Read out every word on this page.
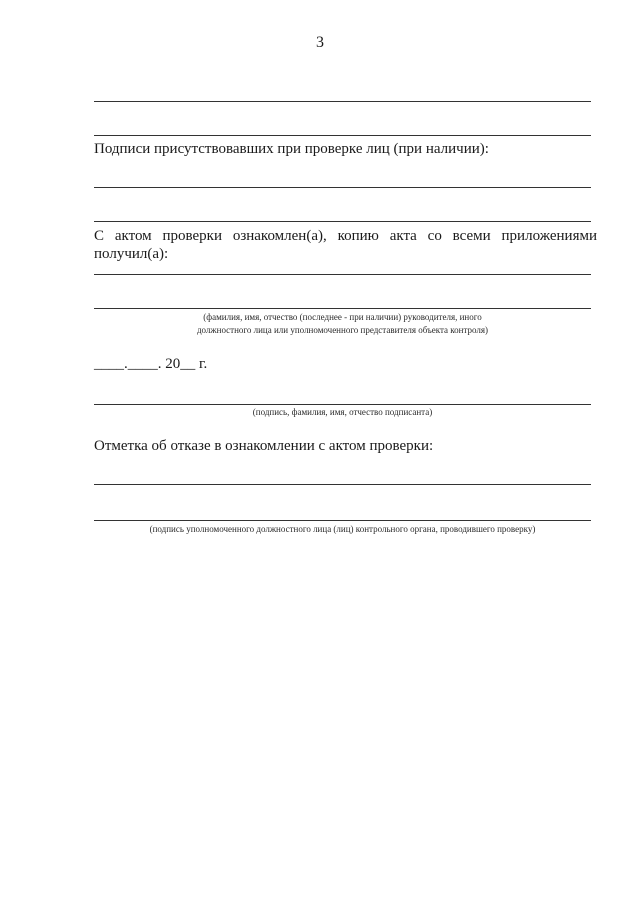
3
Подписи присутствовавших при проверке лиц (при наличии):
С актом проверки ознакомлен(а), копию акта со всеми приложениями
получил(а):
(фамилия, имя, отчество (последнее - при наличии) руководителя, иного
должностного лица или уполномоченного представителя объекта контроля)
____.____. 20__ г.
(подпись, фамилия, имя, отчество подписанта)
Отметка об отказе в ознакомлении с актом проверки:
(подпись уполномоченного должностного лица (лиц) контрольного органа, проводившего проверку)
